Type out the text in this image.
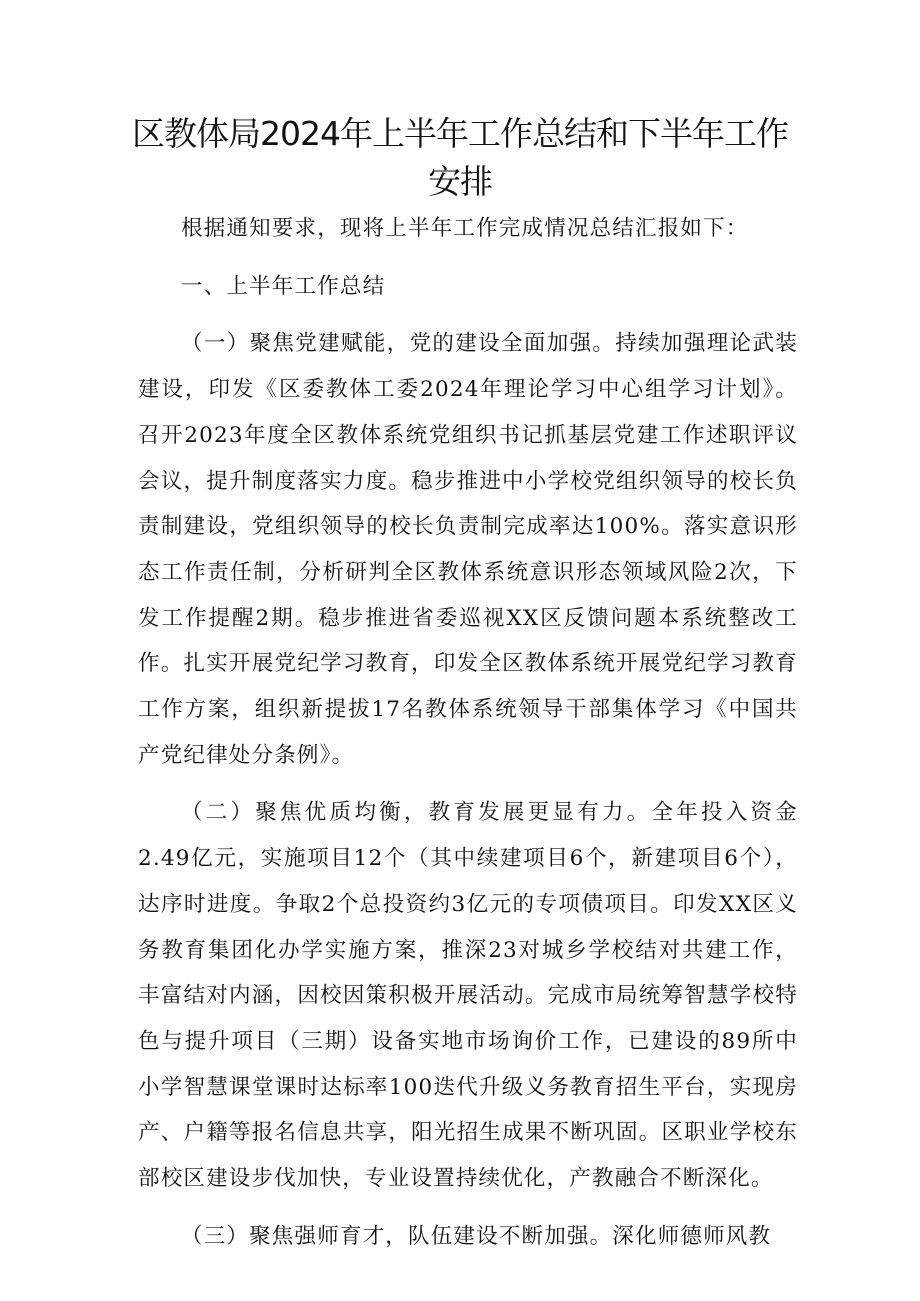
区教体局2024年上半年工作总结和下半年工作安排

根据通知要求，现将上半年工作完成情况总结汇报如下：

一、上半年工作总结

（一）聚焦党建赋能，党的建设全面加强。持续加强理论武装建设，印发《区委教体工委2024年理论学习中心组学习计划》。召开2023年度全区教体系统党组织书记抓基层党建工作述职评议会议，提升制度落实力度。稳步推进中小学校党组织领导的校长负责制建设，党组织领导的校长负责制完成率达100%。落实意识形态工作责任制，分析研判全区教体系统意识形态领域风险2次，下发工作提醒2期。稳步推进省委巡视XX区反馈问题本系统整改工作。扎实开展党纪学习教育，印发全区教体系统开展党纪学习教育工作方案，组织新提拔17名教体系统领导干部集体学习《中国共产党纪律处分条例》。

（二）聚焦优质均衡，教育发展更显有力。全年投入资金2.49亿元，实施项目12个（其中续建项目6个，新建项目6个），达序时进度。争取2个总投资约3亿元的专项债项目。印发XX区义务教育集团化办学实施方案，推深23对城乡学校结对共建工作，丰富结对内涵，因校因策积极开展活动。完成市局统筹智慧学校特色与提升项目（三期）设备实地市场询价工作，已建设的89所中小学智慧课堂课时达标率100迭代升级义务教育招生平台，实现房产、户籍等报名信息共享，阳光招生成果不断巩固。区职业学校东部校区建设步伐加快，专业设置持续优化，产教融合不断深化。

（三）聚焦强师育才，队伍建设不断加强。深化师德师风教
